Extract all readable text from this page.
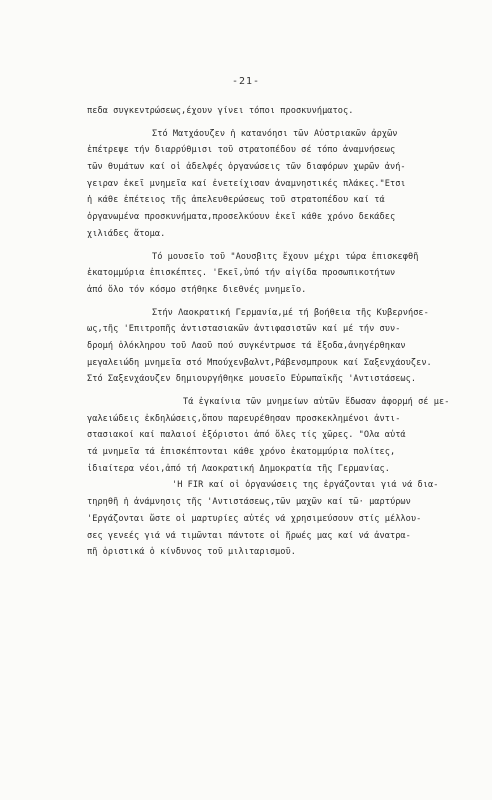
-21-
πεδα συγκεντρώσεως,έχουν γίνει τόποι προσκυνήματος.
Στό Ματχάουζεν ἡ κατανόησι τῶν Αὐστριακῶν ἀρχῶν
ἐπέτρεψε τήν διαρρύθμισι τοῦ στρατοπέδου σέ τόπο ἀναμνήσεως
τῶν θυμάτων καί οἱ ἀδελφές ὀργανώσεις τῶν διαφόρων χωρῶν ἀνή-
γειραν ἐκεῖ μνημεῖα καί ἐνετείχισαν ἀναμνηστικές πλάκες."Ετσι
ἡ κάθε ἐπέτειος τῆς ἀπελευθερώσεως τοῦ στρατοπέδου καί τά
ὀργανωμένα προσκυνήματα,προσελκύουν ἐκεῖ κάθε χρόνο δεκάδες
χιλιάδες ἄτομα.
Τό μουσεῖο τοῦ "Αουσβιτς ἔχουν μέχρι τώρα ἐπισκεφθῆ
ἑκατομμύρια ἐπισκέπτες. 'Εκεῖ,ὑπό τήν αἰγίδα προσωπικοτήτων
ἀπό ὅλο τόν κόσμο στήθηκε διεθνές μνημεῖο.
Στήν Λαοκρατική Γερμανία,μέ τή βοήθεια τῆς Κυβερνήσε-
ως,τῆς 'Επιτροπῆς ἀντιστασιακῶν ἀντιφασιστῶν καί μέ τήν συν-
δρομή ὁλόκληρου τοῦ Λαοῦ πού συγκέντρωσε τά ἔξοδα,ἀνηγέρθηκαν
μεγαλειώδη μνημεῖα στό Μπούχενβαλντ,Ράβενσμπρουκ καί Σαξενχάουζεν.
Στό Σαξενχάουζεν δημιουργήθηκε μουσεῖο Εὐρωπαϊκῆς 'Αντιστάσεως.
Τά ἐγκαίνια τῶν μνημείων αὐτῶν ἔδωσαν ἀφορμή σέ με-
γαλειώδεις ἐκδηλώσεις,ὅπου παρευρέθησαν προσκεκλημένοι ἀντι-
στασιακοί καί παλαιοί ἐξόριστοι ἀπό ὅλες τίς χῶρες. "Ολα αὐτά
τά μνημεῖα τά ἐπισκέπτονται κάθε χρόνο ἑκατομμύρια πολίτες,
ἰδιαίτερα νέοι,ἀπό τή Λαοκρατική Δημοκρατία τῆς Γερμανίας.
'Η FIR καί οἱ ὀργανώσεις της ἐργάζονται γιά νά δια-
τηρηθῆ ἡ ἀνάμνησις τῆς 'Αντιστάσεως,τῶν μαχῶν καί τῶ· μαρτύρων
'Εργάζονται ὥστε οἱ μαρτυρίες αὐτές νά χρησιμεύσουν στίς μέλλου-
σες γενεές γιά νά τιμῶνται πάντοτε οἱ ἥρωές μας καί νά ἀνατρα-
πῆ ὁριστικά ὁ κίνδυνος τοῦ μιλιταρισμοῦ.
